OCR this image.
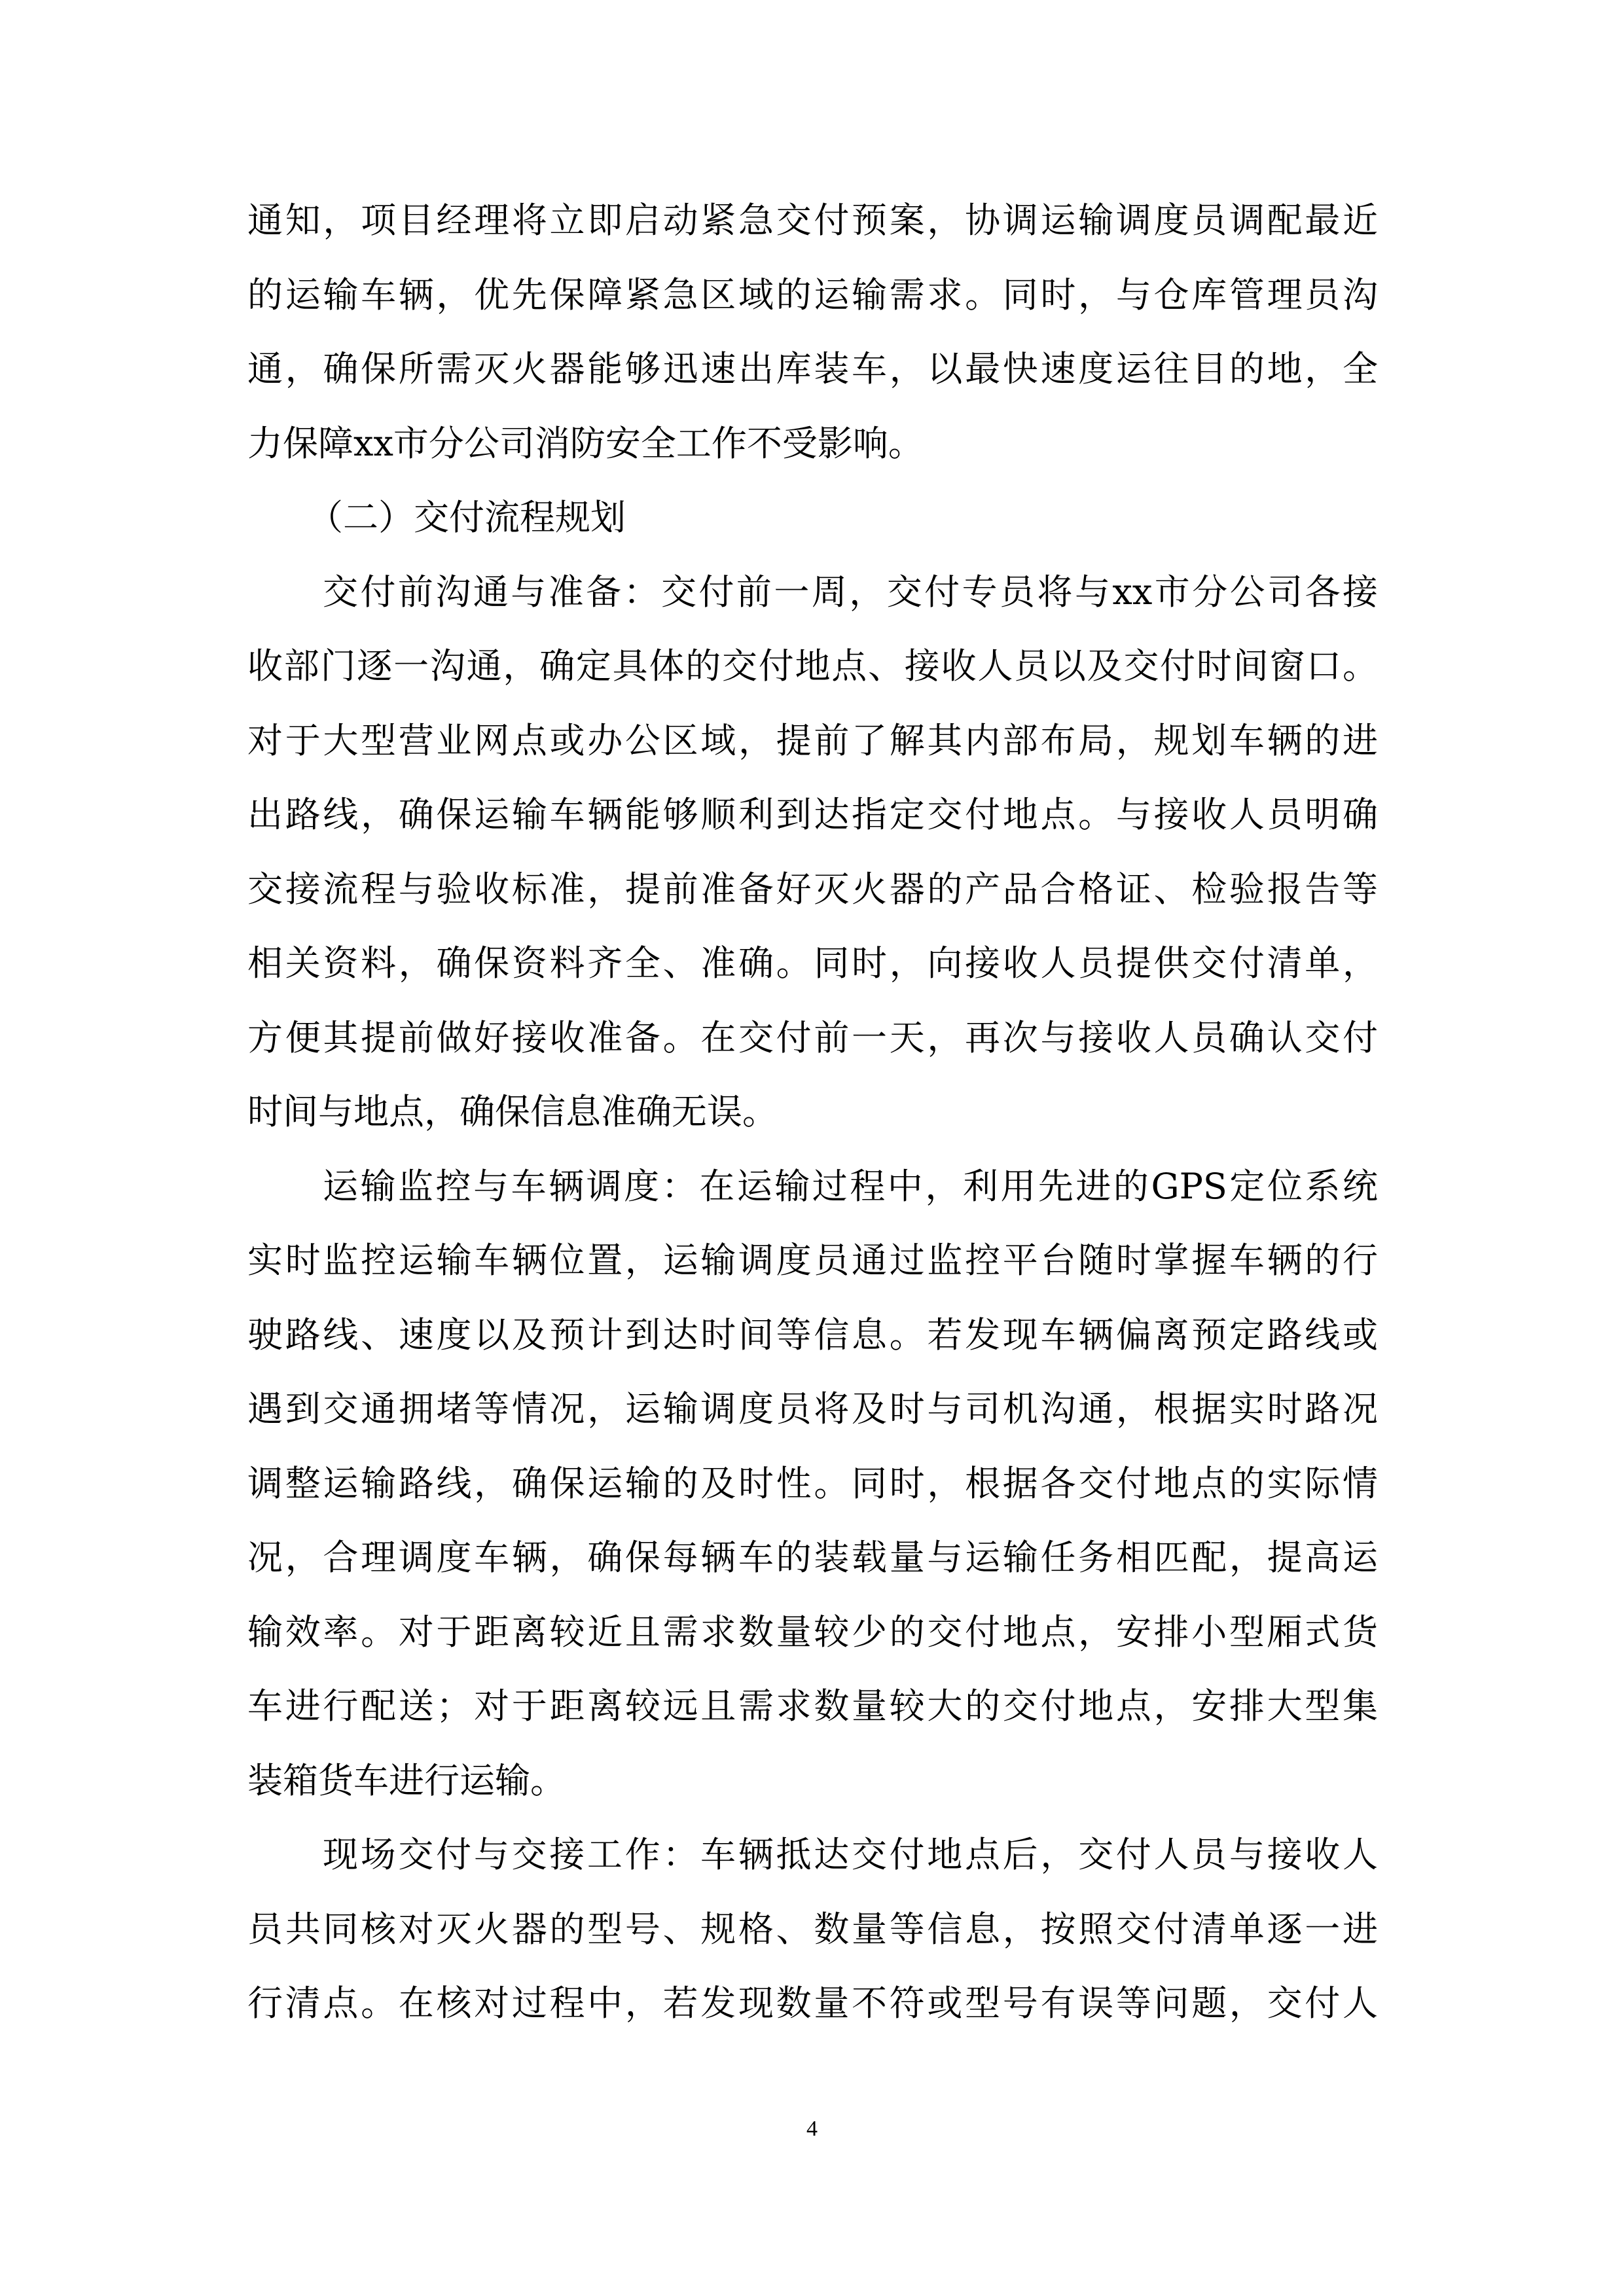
通知，项目经理将立即启动紧急交付预案，协调运输调度员调配最近
的运输车辆，优先保障紧急区域的运输需求。同时，与仓库管理员沟
通，确保所需灭火器能够迅速出库装车，以最快速度运往目的地，全
力保障xx市分公司消防安全工作不受影响。
（二）交付流程规划
交付前沟通与准备：交付前一周，交付专员将与xx市分公司各接
收部门逐一沟通，确定具体的交付地点、接收人员以及交付时间窗口。
对于大型营业网点或办公区域，提前了解其内部布局，规划车辆的进
出路线，确保运输车辆能够顺利到达指定交付地点。与接收人员明确
交接流程与验收标准，提前准备好灭火器的产品合格证、检验报告等
相关资料，确保资料齐全、准确。同时，向接收人员提供交付清单，
方便其提前做好接收准备。在交付前一天，再次与接收人员确认交付
时间与地点，确保信息准确无误。
运输监控与车辆调度：在运输过程中，利用先进的GPS定位系统
实时监控运输车辆位置，运输调度员通过监控平台随时掌握车辆的行
驶路线、速度以及预计到达时间等信息。若发现车辆偏离预定路线或
遇到交通拥堵等情况，运输调度员将及时与司机沟通，根据实时路况
调整运输路线，确保运输的及时性。同时，根据各交付地点的实际情
况，合理调度车辆，确保每辆车的装载量与运输任务相匹配，提高运
输效率。对于距离较近且需求数量较少的交付地点，安排小型厢式货
车进行配送；对于距离较远且需求数量较大的交付地点，安排大型集
装箱货车进行运输。
现场交付与交接工作：车辆抵达交付地点后，交付人员与接收人
员共同核对灭火器的型号、规格、数量等信息，按照交付清单逐一进
行清点。在核对过程中，若发现数量不符或型号有误等问题，交付人
4
